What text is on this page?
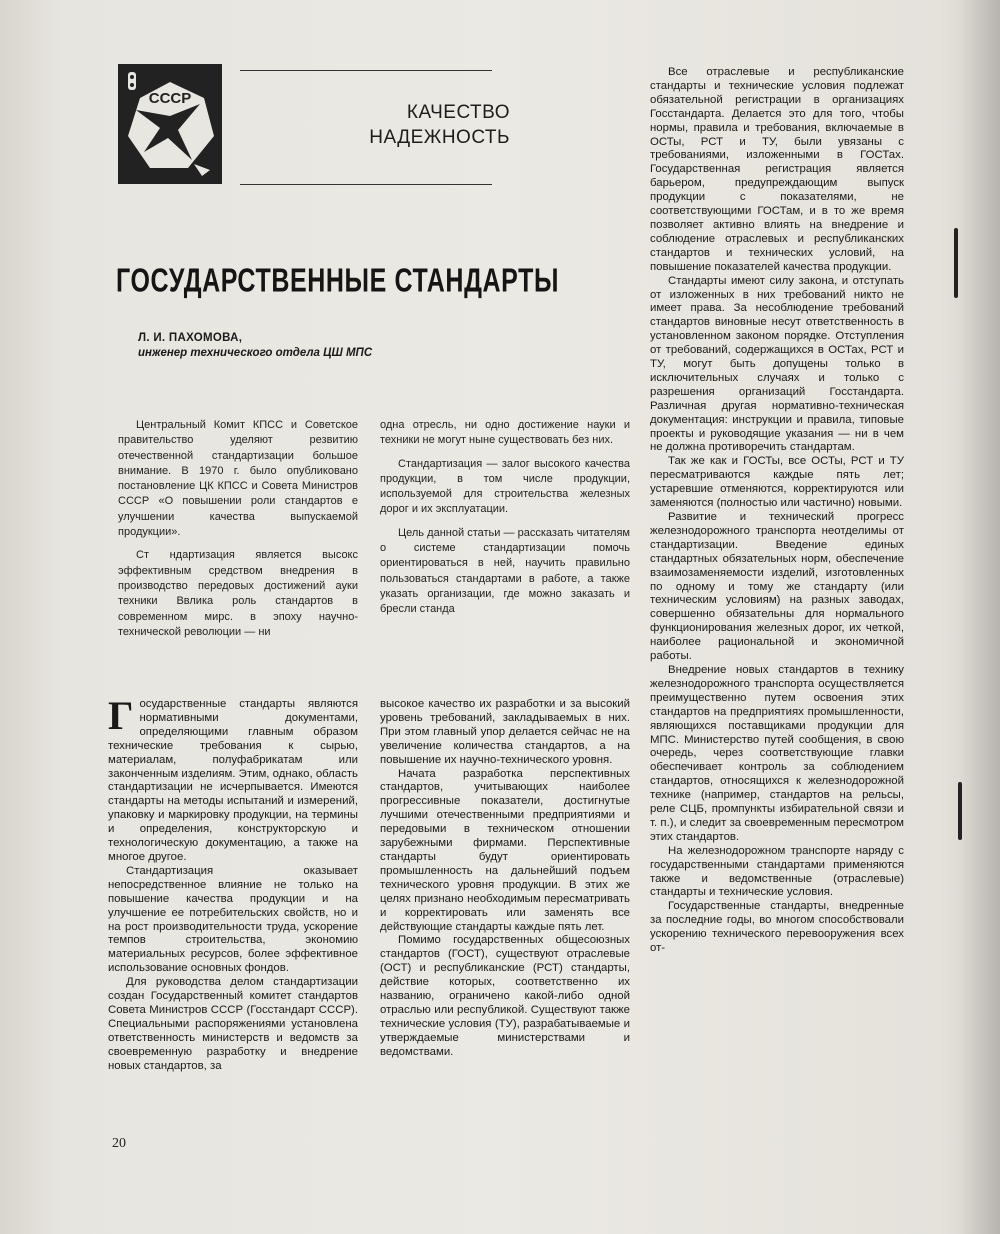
СССР
КАЧЕСТВО
НАДЕЖНОСТЬ
ГОСУДАРСТВЕННЫЕ СТАНДАРТЫ
Л. И. ПАХОМОВА,
инженер технического отдела ЦШ МПС

Центральный Комит КПСС и Советское правительство уделяют резвитию отечественной стандартизации большое внимание. В 1970 г. было опубликовано постановление ЦК КПСС и Совета Министров СССР «О повышении роли стандартов е улучшении качества выпускаемой продукции».

Ст ндартизация является высокс эффективным средством внедрения в производство передовых достижений ауки техники Ввлика роль стандартов в современном мирс. в эпоху научно-технической революции — ни

одна отресль, ни одно достижение науки и техники не могут ныне существовать без них.

Стандартизация — залог высокого качества продукции, в том числе продукции, используемой для строительства железных дорог и их эксплуатации.

Цель данной статьи — рассказать читателям о системе стандартизации помочь ориентироваться в ней, научить правильно пользоваться стандартами в работе, а также указать организации, где можно заказать и бресли станда

Государственные стандарты являются нормативными документами, определяющими главным образом технические требования к сырью, материалам, полуфабрикатам или законченным изделиям. Этим, однако, область стандартизации не исчерпывается. Имеются стандарты на методы испытаний и измерений, упаковку и маркировку продукции, на термины и определения, конструкторскую и технологическую документацию, а также на многое другое.

Стандартизация оказывает непосредственное влияние не только на повышение качества продукции и на улучшение ее потребительских свойств, но и на рост производительности труда, ускорение темпов строительства, экономию материальных ресурсов, более эффективное использование основных фондов.

Для руководства делом стандартизации создан Государственный комитет стандартов Совета Министров СССР (Госстандарт СССР). Специальными распоряжениями установлена ответственность министерств и ведомств за своевременную разработку и внедрение новых стандартов, за

высокое качество их разработки и за высокий уровень требований, закладываемых в них. При этом главный упор делается сейчас не на увеличение количества стандартов, а на повышение их научно-технического уровня.

Начата разработка перспективных стандартов, учитывающих наиболее прогрессивные показатели, достигнутые лучшими отечественными предприятиями и передовыми в техническом отношении зарубежными фирмами. Перспективные стандарты будут ориентировать промышленность на дальнейший подъем технического уровня продукции. В этих же целях признано необходимым пересматривать и корректировать или заменять все действующие стандарты каждые пять лет.

Помимо государственных общесоюзных стандартов (ГОСТ), существуют отраслевые (ОСТ) и республиканские (РСТ) стандарты, действие которых, соответственно их названию, ограничено какой-либо одной отраслью или республикой. Существуют также технические условия (ТУ), разрабатываемые и утверждаемые министерствами и ведомствами.

Все отраслевые и республиканские стандарты и технические условия подлежат обязательной регистрации в организациях Госстандарта. Делается это для того, чтобы нормы, правила и требования, включаемые в ОСТы, РСТ и ТУ, были увязаны с требованиями, изложенными в ГОСТах. Государственная регистрация является барьером, предупреждающим выпуск продукции с показателями, не соответствующими ГОСТам, и в то же время позволяет активно влиять на внедрение и соблюдение отраслевых и республиканских стандартов и технических условий, на повышение показателей качества продукции.

Стандарты имеют силу закона, и отступать от изложенных в них требований никто не имеет права. За несоблюдение требований стандартов виновные несут ответственность в установленном законом порядке. Отступления от требований, содержащихся в ОСТах, РСТ и ТУ, могут быть допущены только в исключительных случаях и только с разрешения организаций Госстандарта. Различная другая нормативно-техническая документация: инструкции и правила, типовые проекты и руководящие указания — ни в чем не должна противоречить стандартам.

Так же как и ГОСТы, все ОСТы, РСТ и ТУ пересматриваются каждые пять лет; устаревшие отменяются, корректируются или заменяются (полностью или частично) новыми.

Развитие и технический прогресс железнодорожного транспорта неотделимы от стандартизации. Введение единых стандартных обязательных норм, обеспечение взаимозаменяемости изделий, изготовленных по одному и тому же стандарту (или техническим условиям) на разных заводах, совершенно обязательны для нормального функционирования железных дорог, их четкой, наиболее рациональной и экономичной работы.

Внедрение новых стандартов в технику железнодорожного транспорта осуществляется преимущественно путем освоения этих стандартов на предприятиях промышленности, являющихся поставщиками продукции для МПС. Министерство путей сообщения, в свою очередь, через соответствующие главки обеспечивает контроль за соблюдением стандартов, относящихся к железнодорожной технике (например, стандартов на рельсы, реле СЦБ, промпункты избирательной связи и т. п.), и следит за своевременным пересмотром этих стандартов.

На железнодорожном транспорте наряду с государственными стандартами применяются также и ведомственные (отраслевые) стандарты и технические условия.

Государственные стандарты, внедренные за последние годы, во многом способствовали ускорению технического перевооружения всех от-

20
